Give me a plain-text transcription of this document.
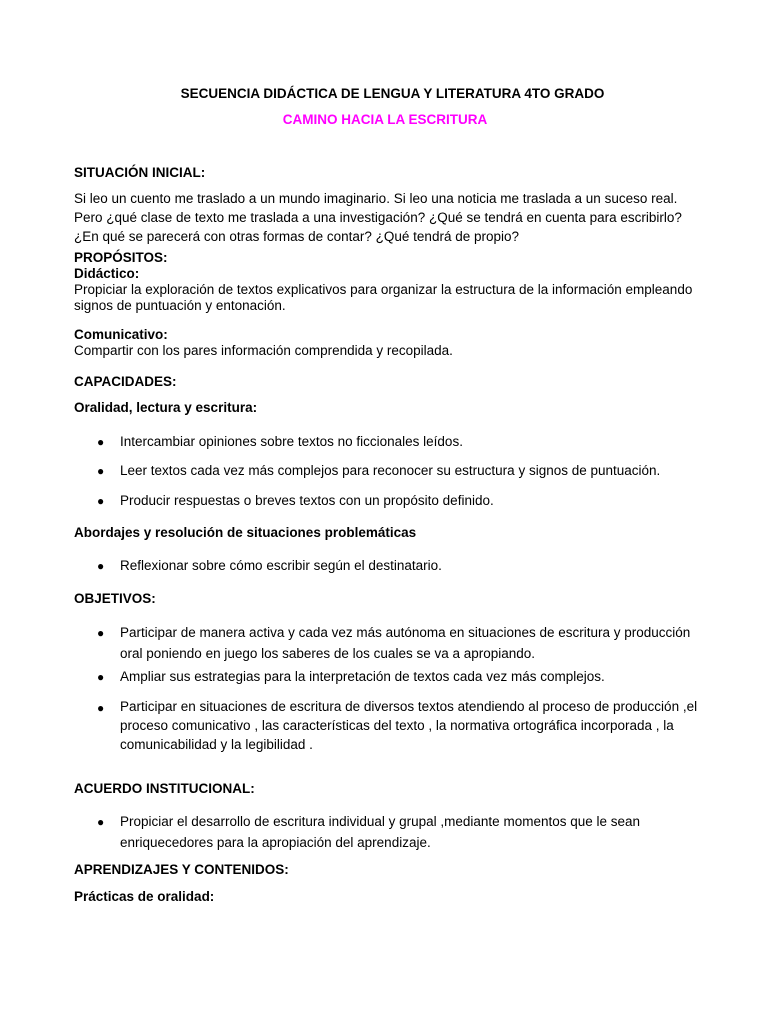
SECUENCIA DIDÁCTICA DE LENGUA Y LITERATURA 4TO GRADO
CAMINO HACIA LA ESCRITURA
SITUACIÓN INICIAL:
Si leo un cuento me traslado a un mundo imaginario. Si leo una noticia me traslada a un suceso real. Pero ¿qué clase de texto me traslada a una investigación? ¿Qué se tendrá en cuenta para escribirlo? ¿En qué se parecerá con otras formas de contar? ¿Qué tendrá de propio?
PROPÓSITOS:
Didáctico:
Propiciar la exploración de textos explicativos para organizar la estructura de la información empleando signos de puntuación y entonación.
Comunicativo:
Compartir con los pares información comprendida y recopilada.
CAPACIDADES:
Oralidad, lectura y escritura:
● Intercambiar opiniones sobre textos no ficcionales leídos.
● Leer textos cada vez más complejos para reconocer su estructura y signos de puntuación.
● Producir respuestas o breves textos con un propósito definido.
Abordajes y resolución de situaciones problemáticas
● Reflexionar sobre cómo escribir según el destinatario.
OBJETIVOS:
● Participar de manera activa y cada vez más autónoma en situaciones de escritura y producción oral poniendo en juego los saberes de los cuales se va a apropiando.
● Ampliar sus estrategias para la interpretación de textos cada vez más complejos.
● Participar en situaciones de escritura de diversos textos atendiendo al proceso de producción ,el proceso comunicativo , las características del texto , la normativa ortográfica incorporada , la comunicabilidad y la legibilidad .
ACUERDO INSTITUCIONAL:
● Propiciar el desarrollo de escritura individual y grupal ,mediante momentos que le sean enriquecedores para la apropiación del aprendizaje.
APRENDIZAJES Y CONTENIDOS:
Prácticas de oralidad:
